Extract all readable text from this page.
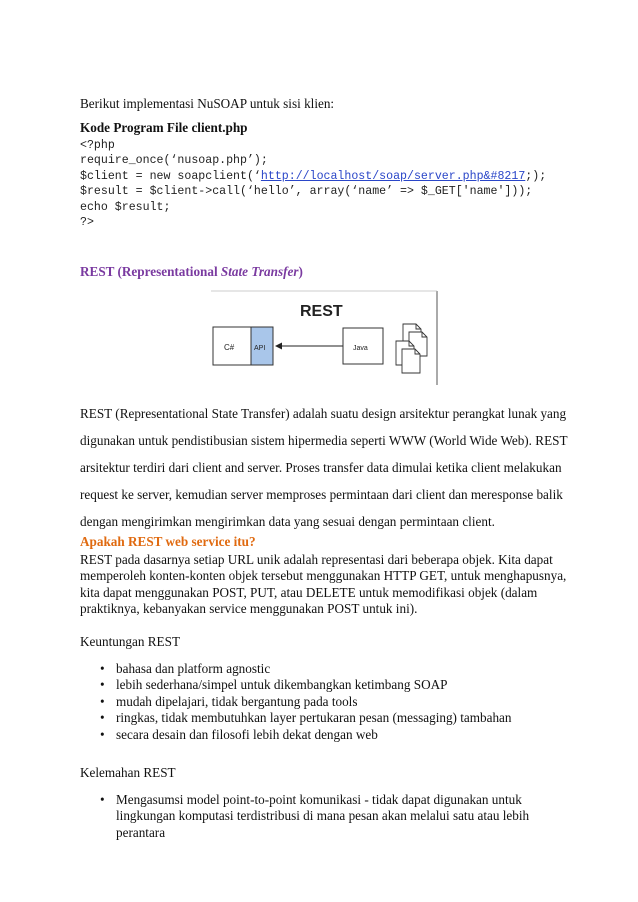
Berikut implementasi NuSOAP untuk sisi klien:

Kode Program File client.php

<?php
require_once(‘nusoap.php’);
$client = new soapclient(‘http://localhost/soap/server.php&#8217;);
$result = $client->call(‘hello’, array(‘name’ => $_GET['name']));
echo $result;
?>

REST (Representational State Transfer)

REST
C#	API	Java
REST (Representational State Transfer) adalah suatu design arsitektur perangkat lunak yang
digunakan untuk pendistibusian sistem hipermedia seperti WWW (World Wide Web). REST
arsitektur terdiri dari client and server. Proses transfer data dimulai ketika client melakukan
request ke server, kemudian server memproses permintaan dari client dan meresponse balik
dengan mengirimkan mengirimkan data yang sesuai dengan permintaan client.

Apakah REST web service itu?

REST pada dasarnya setiap URL unik adalah representasi dari beberapa objek. Kita dapat
memperoleh konten-konten objek tersebut menggunakan HTTP GET, untuk menghapusnya,
kita dapat menggunakan POST, PUT, atau DELETE untuk memodifikasi objek (dalam
praktiknya, kebanyakan service menggunakan POST untuk ini).

Keuntungan REST

• bahasa dan platform agnostic
• lebih sederhana/simpel untuk dikembangkan ketimbang SOAP
• mudah dipelajari, tidak bergantung pada tools
• ringkas, tidak membutuhkan layer pertukaran pesan (messaging) tambahan
• secara desain dan filosofi lebih dekat dengan web

Kelemahan REST

• Mengasumsi model point-to-point komunikasi - tidak dapat digunakan untuk
lingkungan komputasi terdistribusi di mana pesan akan melalui satu atau lebih
perantara
